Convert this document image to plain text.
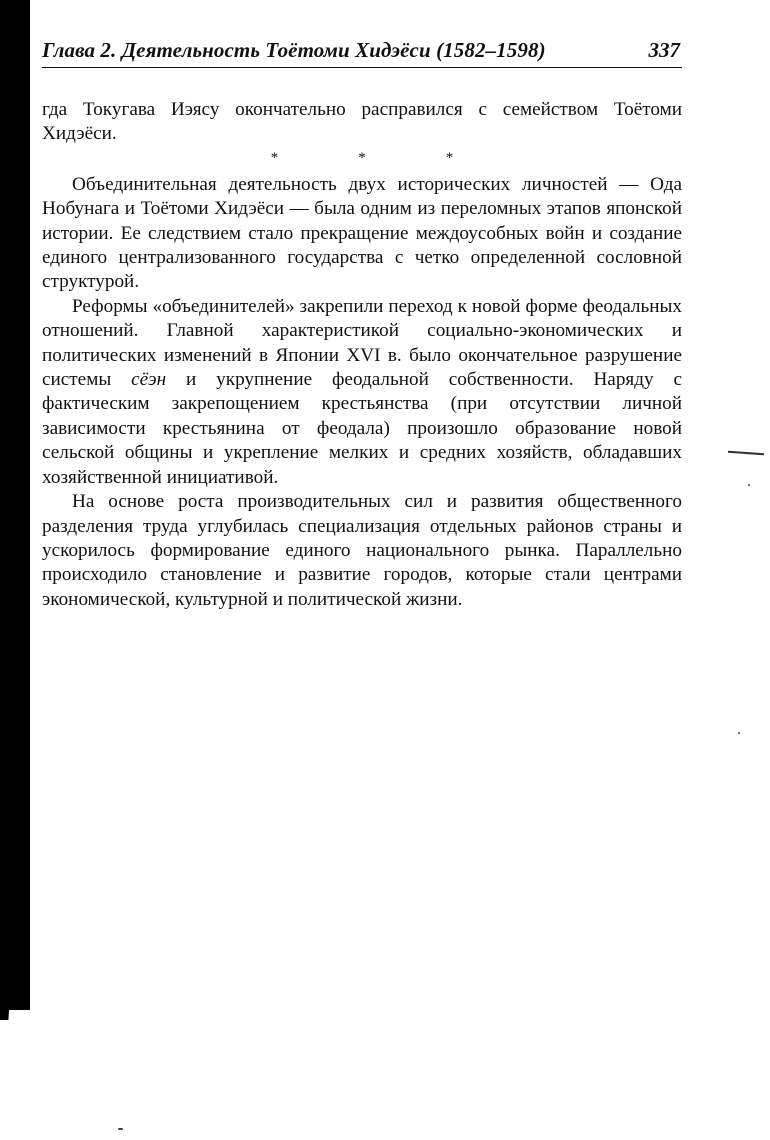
Глава 2. Деятельность Тоётоми Хидэёси (1582–1598)	337

гда Токугава Иэясу окончательно расправился с семейством Тоётоми Хидэёси.

*	*	*

Объединительная деятельность двух исторических личностей — Ода Нобунага и Тоётоми Хидэёси — была одним из переломных этапов японской истории. Ее следствием стало прекращение междоусобных войн и создание единого централизованного государства с четко определенной сословной структурой.

Реформы «объединителей» закрепили переход к новой форме феодальных отношений. Главной характеристикой социально-экономических и политических изменений в Японии XVI в. было окончательное разрушение системы сёэн и укрупнение феодальной собственности. Наряду с фактическим закрепощением крестьянства (при отсутствии личной зависимости крестьянина от феодала) произошло образование новой сельской общины и укрепление мелких и средних хозяйств, обладавших хозяйственной инициативой.

На основе роста производительных сил и развития общественного разделения труда углубилась специализация отдельных районов страны и ускорилось формирование единого национального рынка. Параллельно происходило становление и развитие городов, которые стали центрами экономической, культурной и политической жизни.
